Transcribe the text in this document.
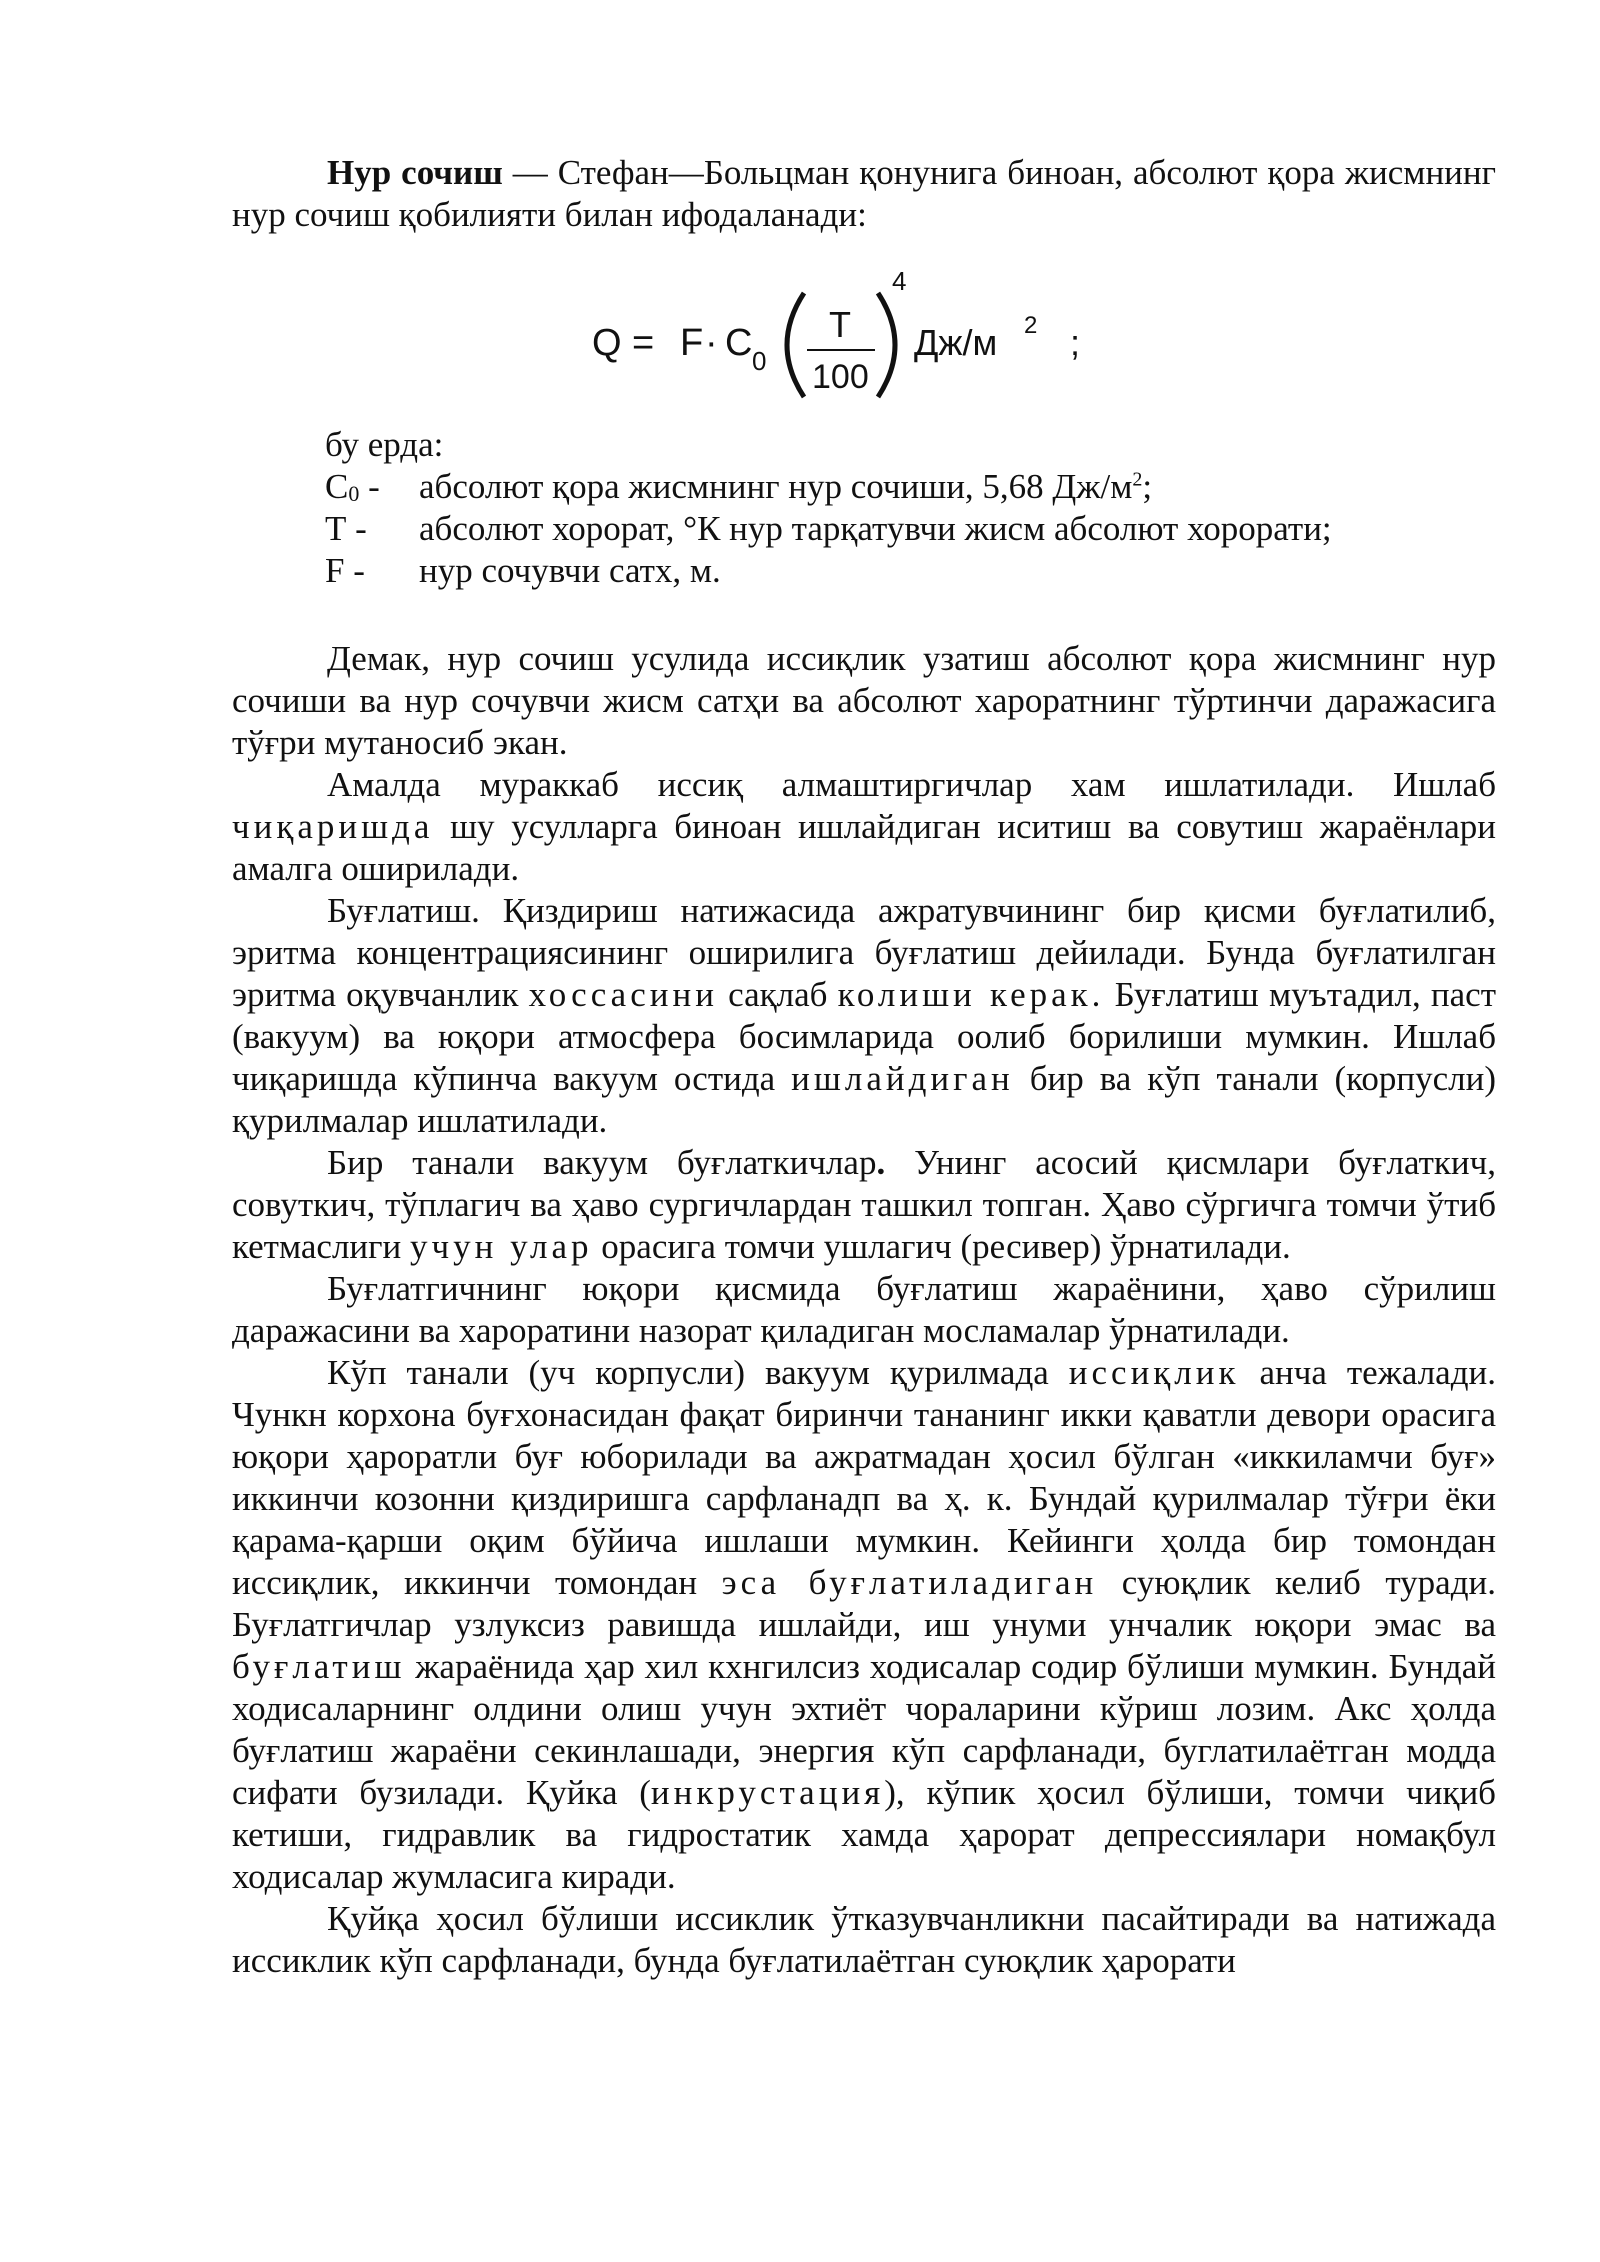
Нур сочиш — Стефан—Больцман қонунига биноан, абсолют қора жисмнинг нур сочиш қобилияти билан ифодаланади:

Q = F · C 0
T
100
4
Дж/м 2 ;

бу ерда:

$С_0$ -	абсолют қора жисмнинг нур сочиши, 5,68 $Дж/м^2$;
Т -	абсолют хорорат, °К нур тарқатувчи жисм абсолют хорорати;
F -	нур сочувчи сатх, м.

Демак, нур сочиш усулида иссиқлик узатиш абсолют қора жисмнинг нур сочиши ва нур сочувчи жисм сатҳи ва абсолют хароратнинг тўртинчи даражасига тўғри мутаносиб экан.

Амалда мураккаб иссиқ алмаштиргичлар хам ишлатилади. Ишлаб чиқаришда шу усулларга биноан ишлайдиган иситиш ва совутиш жараёнлари амалга оширилади.

Буғлатиш. Қиздириш натижасида ажратувчининг бир қисми буғлатилиб, эритма концентрациясининг оширилига буғлатиш дейилади. Бунда буғлатилган эритма оқувчанлик хоссасини сақлаб колиши керак. Буғлатиш муътадил, паст (вакуум) ва юқори атмосфера босимларида оолиб борилиши мумкин. Ишлаб чиқаришда кўпинча вакуум остида ишлайдиган бир ва кўп танали (корпусли) қурилмалар ишлатилади.

Бир танали вакуум буғлаткичлар. Унинг асосий қисмлари буғлаткич, совуткич, тўплагич ва ҳаво сургичлардан ташкил топган. Ҳаво сўргичга томчи ўтиб кетмаслиги учун улар орасига томчи ушлагич (ресивер) ўрнатилади.

Буғлатгичнинг юқори қисмида буғлатиш жараёнини, ҳаво сўрилиш даражасини ва хароратини назорат қиладиган мосламалар ўрнатилади.

Кўп танали (уч корпусли) вакуум қурилмада иссиқлик анча тежалади. Чункн корхона буғхонасидан фақат биринчи тананинг икки қаватли девори орасига юқори ҳароратли буғ юборилади ва ажратмадан ҳосил бўлган «иккиламчи буғ» иккинчи козонни қиздиришга сарфланадп ва ҳ. к. Бундай қурилмалар тўғри ёки қарама-қарши оқим бўйича ишлаши мумкин. Кейинги ҳолда бир томондан иссиқлик, иккинчи томондан эса буғлатиладиган суюқлик келиб туради. Буғлатгичлар узлуксиз равишда ишлайди, иш унуми унчалик юқори эмас ва буғлатиш жараёнида ҳар хил кхнгилсиз ходисалар содир бўлиши мумкин. Бундай ходисаларнинг олдини олиш учун эхтиёт чораларини кўриш лозим. Акс ҳолда буғлатиш жараёни секинлашади, энергия кўп сарфланади, буглатилаётган модда сифати бузилади. Қуйка (инкрустация), кўпик ҳосил бўлиши, томчи чиқиб кетиши, гидравлик ва гидростатик хамда ҳарорат депрессиялари номақбул ходисалар жумласига киради.

Қуйқа ҳосил бўлиши иссиклик ўтказувчанликни пасайтиради ва натижада иссиклик кўп сарфланади, бунда буғлатилаётган суюқлик ҳарорати
